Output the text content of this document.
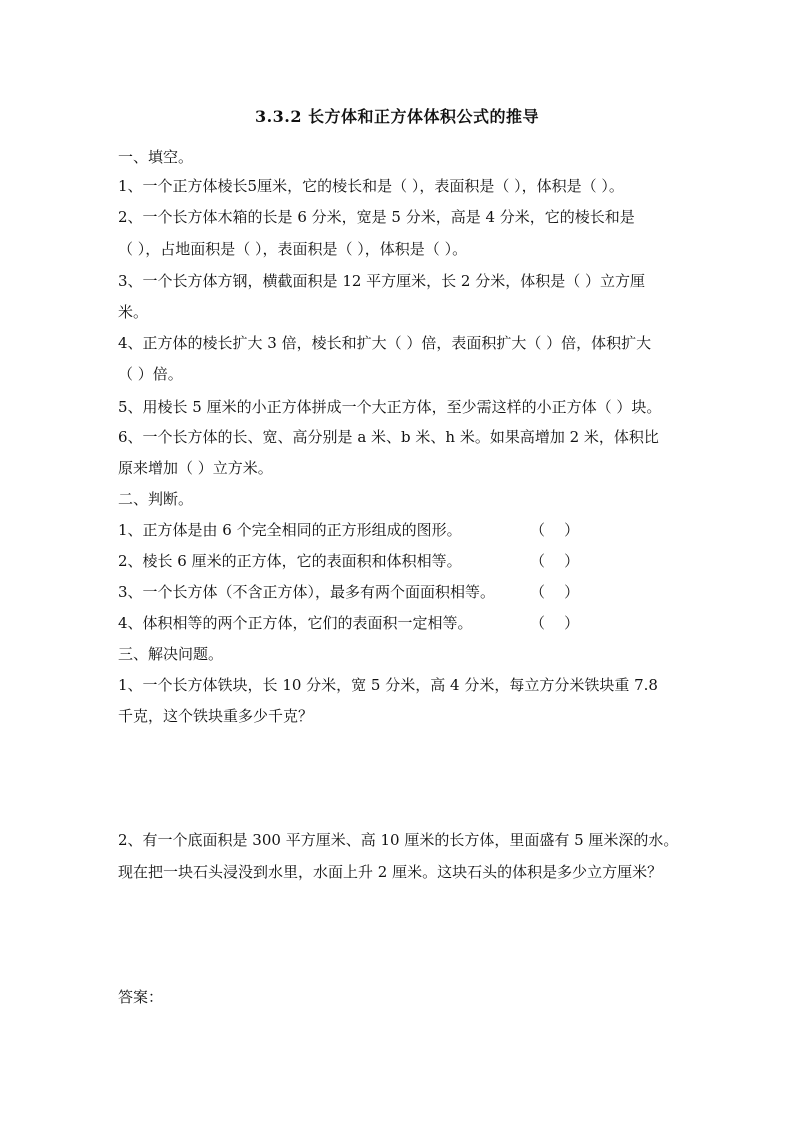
3.3.2 长方体和正方体体积公式的推导
一、填空。
1、一个正方体棱长5厘米，它的棱长和是（ ），表面积是（ ），体积是（ ）。
2、一个长方体木箱的长是 6 分米，宽是 5 分米，高是 4 分米，它的棱长和是
（ ），占地面积是（ ），表面积是（ ），体积是（ ）。
3、一个长方体方钢，横截面积是 12 平方厘米，长 2 分米，体积是（ ）立方厘
米。
4、正方体的棱长扩大 3 倍，棱长和扩大（ ）倍，表面积扩大（ ）倍，体积扩大
（ ）倍。
5、用棱长 5 厘米的小正方体拼成一个大正方体，至少需这样的小正方体（ ）块。
6、一个长方体的长、宽、高分别是 a 米、b 米、h 米。如果高增加 2 米，体积比
原来增加（ ）立方米。
二、判断。
1、正方体是由 6 个完全相同的正方形组成的图形。	（    ）
2、棱长 6 厘米的正方体，它的表面积和体积相等。	（    ）
3、一个长方体（不含正方体），最多有两个面面积相等。	（    ）
4、体积相等的两个正方体，它们的表面积一定相等。	（    ）
三、解决问题。
1、一个长方体铁块，长 10 分米，宽 5 分米，高 4 分米，每立方分米铁块重 7.8
千克，这个铁块重多少千克？
2、有一个底面积是 300 平方厘米、高 10 厘米的长方体，里面盛有 5 厘米深的水。
现在把一块石头浸没到水里，水面上升 2 厘米。这块石头的体积是多少立方厘米？
答案：
